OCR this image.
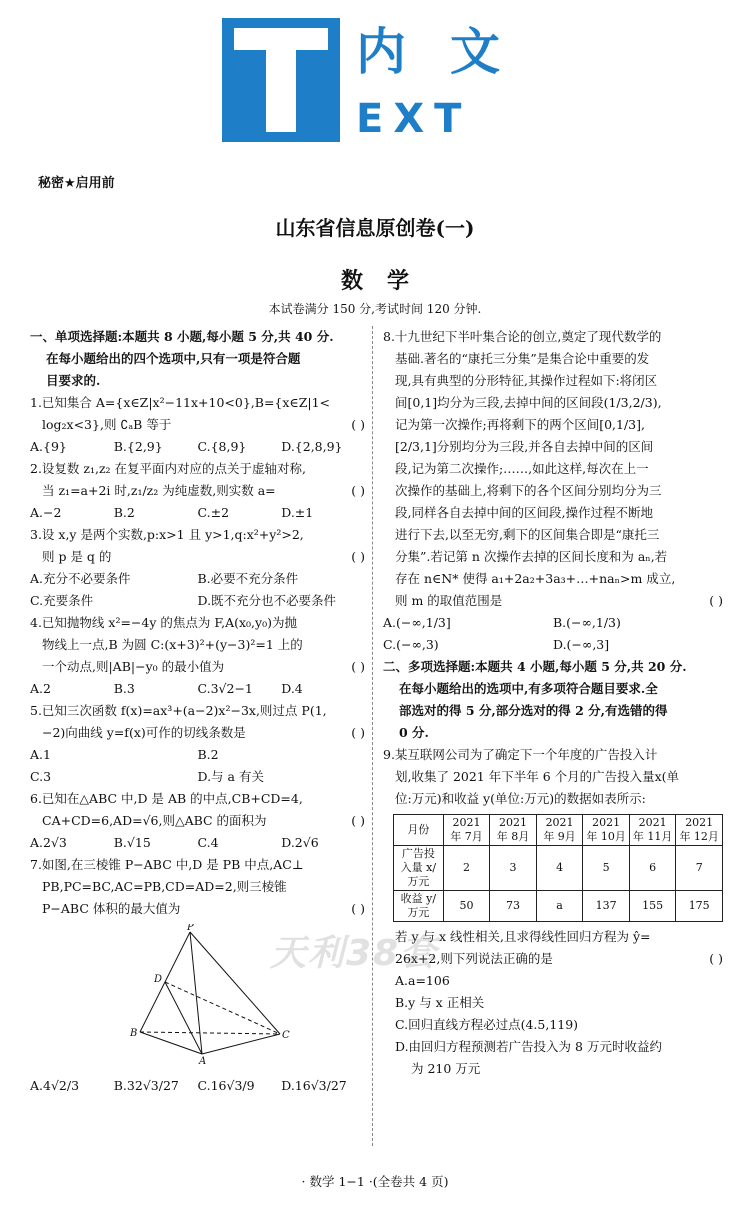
内文
EXT
秘密★启用前
山东省信息原创卷(一)
数学
本试卷满分 150 分,考试时间 120 分钟.

一、单项选择题:本题共 8 小题,每小题 5 分,共 40 分.

在每小题给出的四个选项中,只有一项是符合题

目要求的.

1.已知集合 A={x∈Z|x²−11x+10<0},B={x∈Z|1<

log₂x<3},则 ∁ₐB 等于	( )

A.{9}	B.{2,9}	C.{8,9}	D.{2,8,9}

2.设复数 z₁,z₂ 在复平面内对应的点关于虚轴对称,

当 z₁=a+2i 时,z₁/z₂ 为纯虚数,则实数 a=	( )

A.−2	B.2	C.±2	D.±1

3.设 x,y 是两个实数,p:x>1 且 y>1,q:x²+y²>2,

则 p 是 q 的	( )

A.充分不必要条件	B.必要不充分条件
C.充要条件	D.既不充分也不必要条件

4.已知抛物线 x²=−4y 的焦点为 F,A(x₀,y₀)为抛

物线上一点,B 为圆 C:(x+3)²+(y−3)²=1 上的

一个动点,则|AB|−y₀ 的最小值为	( )

A.2	B.3	C.3√2−1	D.4

5.已知三次函数 f(x)=ax³+(a−2)x²−3x,则过点 P(1,

−2)向曲线 y=f(x)可作的切线条数是	( )

A.1	B.2
C.3	D.与 a 有关

6.已知在△ABC 中,D 是 AB 的中点,CB+CD=4,

CA+CD=6,AD=√6,则△ABC 的面积为	( )

A.2√3	B.√15	C.4	D.2√6

7.如图,在三棱锥 P−ABC 中,D 是 PB 中点,AC⊥

PB,PC=BC,AC=PB,CD=AD=2,则三棱锥

P−ABC 体积的最大值为	( )

P
D
B	C
A
A.4√2/3	B.32√3/27	C.16√3/9	D.16√3/27

8.十九世纪下半叶集合论的创立,奠定了现代数学的

基础.著名的“康托三分集”是集合论中重要的发

现,具有典型的分形特征,其操作过程如下:将闭区

间[0,1]均分为三段,去掉中间的区间段(1/3,2/3),

记为第一次操作;再将剩下的两个区间[0,1/3],

[2/3,1]分别均分为三段,并各自去掉中间的区间

段,记为第二次操作;……,如此这样,每次在上一

次操作的基础上,将剩下的各个区间分别均分为三

段,同样各自去掉中间的区间段,操作过程不断地

进行下去,以至无穷,剩下的区间集合即是“康托三

分集”.若记第 n 次操作去掉的区间长度和为 aₙ,若

存在 n∈N* 使得 a₁+2a₂+3a₃+…+naₙ>m 成立,

则 m 的取值范围是	( )

A.(−∞,1/3]	B.(−∞,1/3)
C.(−∞,3)	D.(−∞,3]

二、多项选择题:本题共 4 小题,每小题 5 分,共 20 分.

在每小题给出的选项中,有多项符合题目要求.全

部选对的得 5 分,部分选对的得 2 分,有选错的得

0 分.

9.某互联网公司为了确定下一个年度的广告投入计

划,收集了 2021 年下半年 6 个月的广告投入量x(单

位:万元)和收益 y(单位:万元)的数据如表所示:

月份	2021 年 7月	2021 年 8月	2021 年 9月	2021 年 10月	2021 年 11月	2021 年 12月
广告投入量 x/万元	2	3	4	5	6	7
收益 y/万元	50	73	a	137	155	175

若 y 与 x 线性相关,且求得线性回归方程为 ŷ=

26x+2,则下列说法正确的是	( )

A.a=106

B.y 与 x 正相关

C.回归直线方程必过点(4.5,119)

D.由回归方程预测若广告投入为 8 万元时收益约

为 210 万元

天利38套
· 数学 1−1 ·(全卷共 4 页)
